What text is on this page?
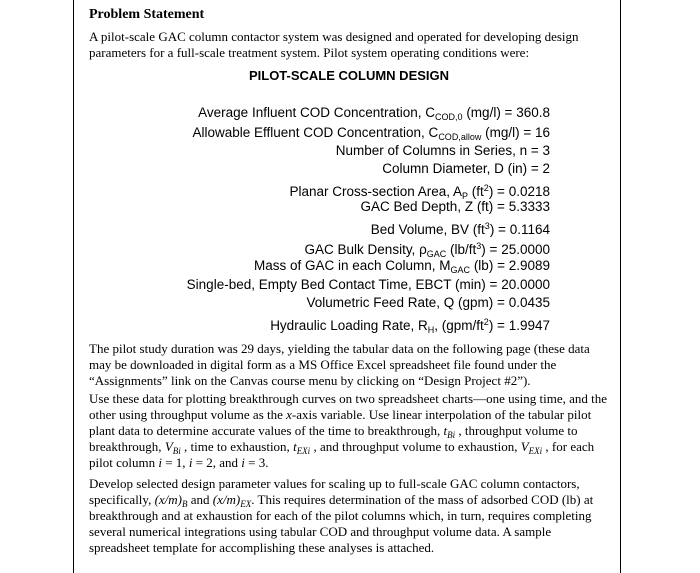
Problem Statement
A pilot-scale GAC column contactor system was designed and operated for developing design parameters for a full-scale treatment system. Pilot system operating conditions were:
PILOT-SCALE COLUMN DESIGN
Average Influent COD Concentration, $C_{COD,0}$ (mg/l) = 360.8
Allowable Effluent COD Concentration, $C_{COD,allow}$ (mg/l) = 16
Number of Columns in Series, n = 3
Column Diameter, D (in) = 2
Planar Cross-section Area, $A_P$ $(ft^2) = 0.0218$
GAC Bed Depth, Z (ft) = 5.3333
Bed Volume, BV $(ft^3) = 0.1164$
GAC Bulk Density, $\rho_{GAC}$ $(lb/ft^3) = 25.0000$
Mass of GAC in each Column, $M_{GAC}$ (lb) = 2.9089
Single-bed, Empty Bed Contact Time, EBCT (min) = 20.0000
Volumetric Feed Rate, Q (gpm) = 0.0435
Hydraulic Loading Rate, $R_H$, $(gpm/ft^2) = 1.9947$
The pilot study duration was 29 days, yielding the tabular data on the following page (these data may be downloaded in digital form as a MS Office Excel spreadsheet file found under the “Assignments” link on the Canvas course menu by clicking on “Design Project #2”).
Use these data for plotting breakthrough curves on two spreadsheet charts—one using time, and the other using throughput volume as the x-axis variable. Use linear interpolation of the tabular pilot plant data to determine accurate values of the time to breakthrough, $t_{Bi}$ , throughput volume to breakthrough, $V_{Bi}$ , time to exhaustion, $t_{EXi}$ , and throughput volume to exhaustion, $V_{EXi}$ , for each pilot column i = 1, i = 2, and i = 3.
Develop selected design parameter values for scaling up to full-scale GAC column contactors, specifically, $(x/m)_B$ and $(x/m)_{EX}$. This requires determination of the mass of adsorbed COD (lb) at breakthrough and at exhaustion for each of the pilot columns which, in turn, requires completing several numerical integrations using tabular COD and throughput volume data. A sample spreadsheet template for accomplishing these analyses is attached.
